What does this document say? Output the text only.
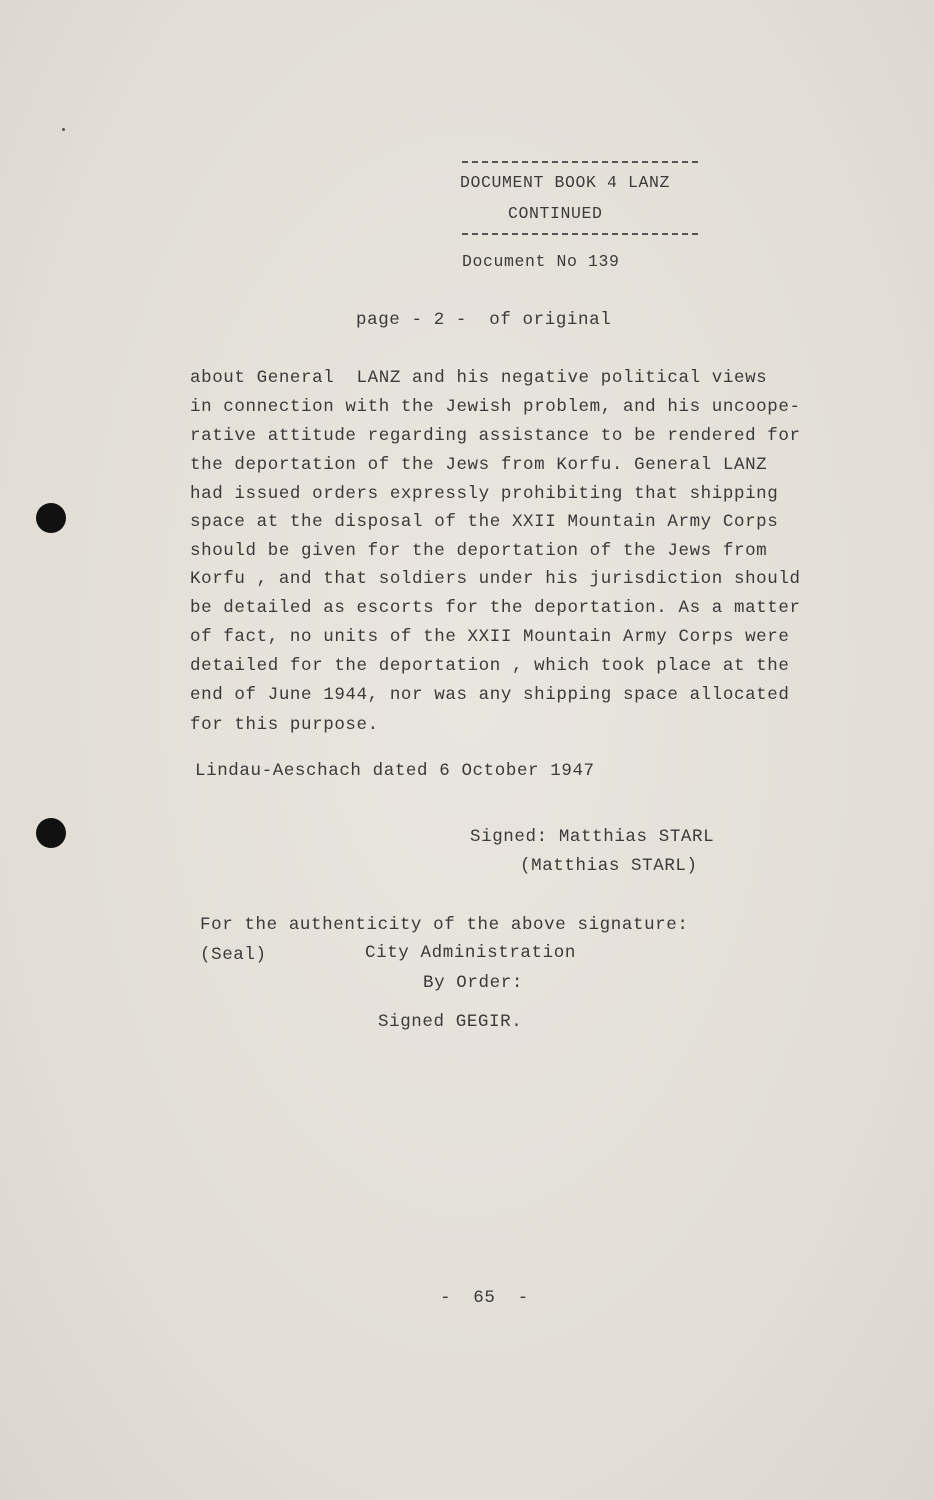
DOCUMENT BOOK 4 LANZ
CONTINUED
Document No 139
page - 2 -  of original
about General  LANZ and his negative political views
in connection with the Jewish problem, and his uncoope-
rative attitude regarding assistance to be rendered for
the deportation of the Jews from Korfu. General LANZ
had issued orders expressly prohibiting that shipping
space at the disposal of the XXII Mountain Army Corps
should be given for the deportation of the Jews from
Korfu , and that soldiers under his jurisdiction should
be detailed as escorts for the deportation. As a matter
of fact, no units of the XXII Mountain Army Corps were
detailed for the deportation , which took place at the
end of June 1944, nor was any shipping space allocated
for this purpose.
Lindau-Aeschach dated 6 October 1947
Signed: Matthias STARL
(Matthias STARL)
For the authenticity of the above signature:
(Seal)	City Administration
By Order:
Signed GEGIR.
-  65  -
